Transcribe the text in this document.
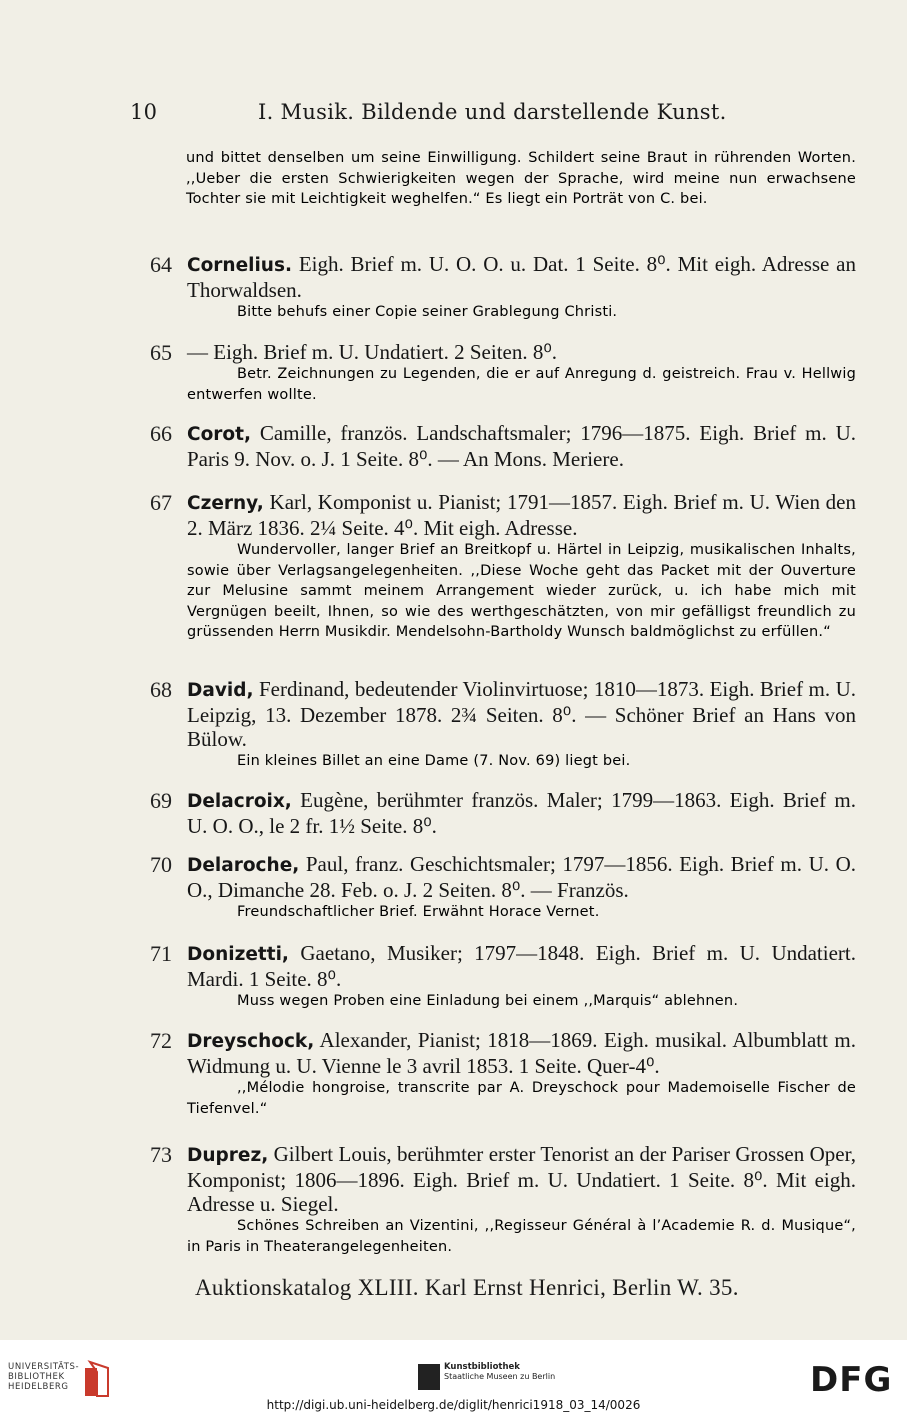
10	I. Musik. Bildende und darstellende Kunst.
und bittet denselben um seine Einwilligung. Schildert seine Braut in rührenden Worten. ,,Ueber die ersten Schwierigkeiten wegen der Sprache, wird meine nun erwachsene Tochter sie mit Leichtigkeit weghelfen.“ Es liegt ein Porträt von C. bei.
64 Cornelius. Eigh. Brief m. U. O. O. u. Dat. 1 Seite. 8⁰. Mit eigh. Adresse an Thorwaldsen.
Bitte behufs einer Copie seiner Grablegung Christi.
65 — Eigh. Brief m. U. Undatiert. 2 Seiten. 8⁰.
Betr. Zeichnungen zu Legenden, die er auf Anregung d. geistreich. Frau v. Hellwig entwerfen wollte.
66 Corot, Camille, französ. Landschaftsmaler; 1796—1875. Eigh. Brief m. U. Paris 9. Nov. o. J. 1 Seite. 8⁰. — An Mons. Meriere.
67 Czerny, Karl, Komponist u. Pianist; 1791—1857. Eigh. Brief m. U. Wien den 2. März 1836. 2¼ Seite. 4⁰. Mit eigh. Adresse.
Wundervoller, langer Brief an Breitkopf u. Härtel in Leipzig, musikalischen Inhalts, sowie über Verlagsangelegenheiten. ,,Diese Woche geht das Packet mit der Ouverture zur Melusine sammt meinem Arrangement wieder zurück, u. ich habe mich mit Vergnügen beeilt, Ihnen, so wie des werthgeschätzten, von mir gefälligst freundlich zu grüssenden Herrn Musikdir. Mendelsohn-Bartholdy Wunsch baldmöglichst zu erfüllen.“
68 David, Ferdinand, bedeutender Violinvirtuose; 1810—1873. Eigh. Brief m. U. Leipzig, 13. Dezember 1878. 2¾ Seiten. 8⁰. — Schöner Brief an Hans von Bülow.
Ein kleines Billet an eine Dame (7. Nov. 69) liegt bei.
69 Delacroix, Eugène, berühmter französ. Maler; 1799—1863. Eigh. Brief m. U. O. O., le 2 fr. 1½ Seite. 8⁰.
70 Delaroche, Paul, franz. Geschichtsmaler; 1797—1856. Eigh. Brief m. U. O. O., Dimanche 28. Feb. o. J. 2 Seiten. 8⁰. — Französ.
Freundschaftlicher Brief. Erwähnt Horace Vernet.
71 Donizetti, Gaetano, Musiker; 1797—1848. Eigh. Brief m. U. Undatiert. Mardi. 1 Seite. 8⁰.
Muss wegen Proben eine Einladung bei einem ,,Marquis“ ablehnen.
72 Dreyschock, Alexander, Pianist; 1818—1869. Eigh. musikal. Albumblatt m. Widmung u. U. Vienne le 3 avril 1853. 1 Seite. Quer-4⁰.
,,Mélodie hongroise, transcrite par A. Dreyschock pour Mademoiselle Fischer de Tiefenvel.“
73 Duprez, Gilbert Louis, berühmter erster Tenorist an der Pariser Grossen Oper, Komponist; 1806—1896. Eigh. Brief m. U. Undatiert. 1 Seite. 8⁰. Mit eigh. Adresse u. Siegel.
Schönes Schreiben an Vizentini, ,,Regisseur Général à l’Academie R. d. Musique“, in Paris in Theaterangelegenheiten.
Auktionskatalog XLIII. Karl Ernst Henrici, Berlin W. 35.
UNIVERSITÄTS-
BIBLIOTHEK
HEIDELBERG
Kunstbibliothek
Staatliche Museen zu Berlin	DFG
http://digi.ub.uni-heidelberg.de/diglit/henrici1918_03_14/0026
